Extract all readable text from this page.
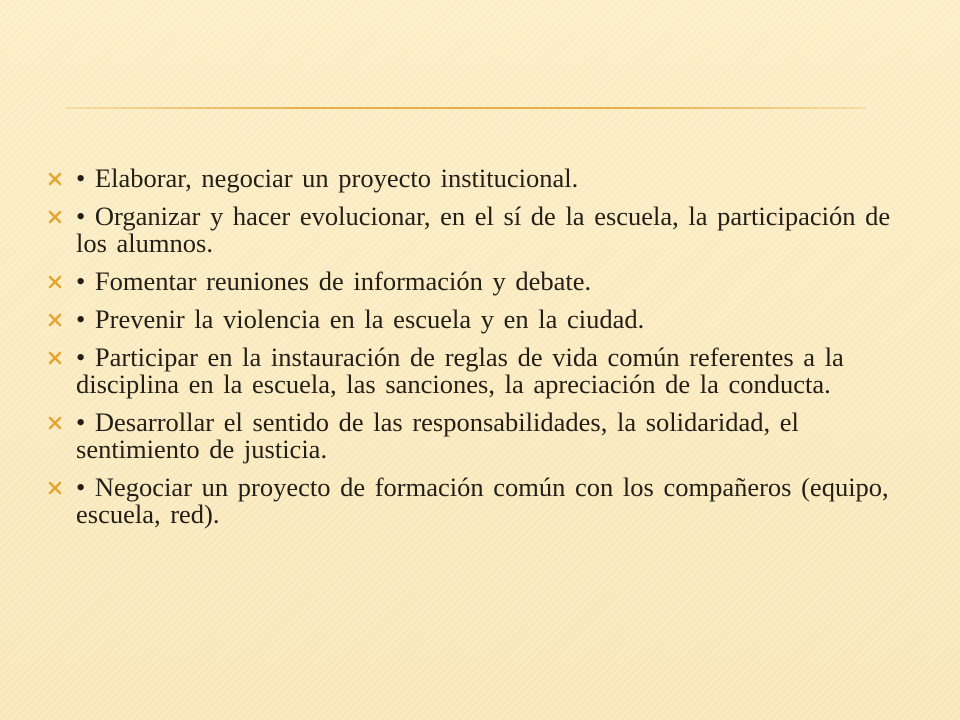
• Elaborar, negociar un proyecto institucional.
• Organizar y hacer evolucionar, en el sí de la escuela, la participación de los alumnos.
• Fomentar reuniones de información y debate.
• Prevenir la violencia en la escuela y en la ciudad.
• Participar en la instauración de reglas de vida común referentes a la disciplina en la escuela, las sanciones, la apreciación de la conducta.
• Desarrollar el sentido de las responsabilidades, la solidaridad, el sentimiento de justicia.
• Negociar un proyecto de formación común con los compañeros (equipo, escuela, red).
